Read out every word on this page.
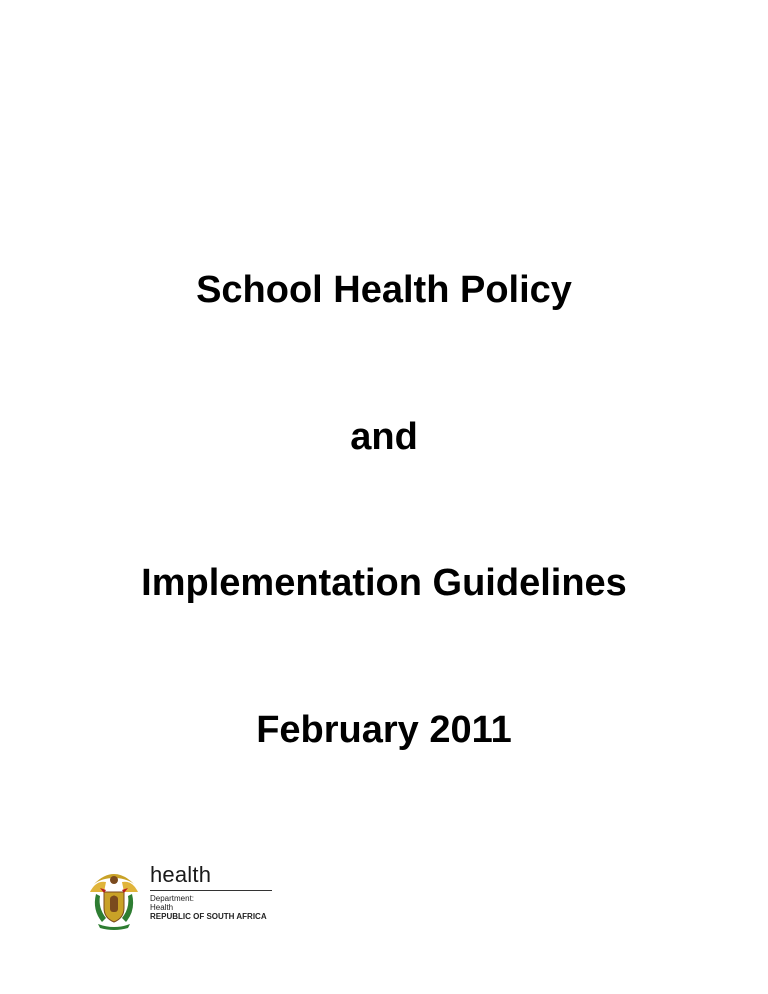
School Health Policy
and
Implementation Guidelines
February 2011
health
Department:
Health
REPUBLIC OF SOUTH AFRICA
